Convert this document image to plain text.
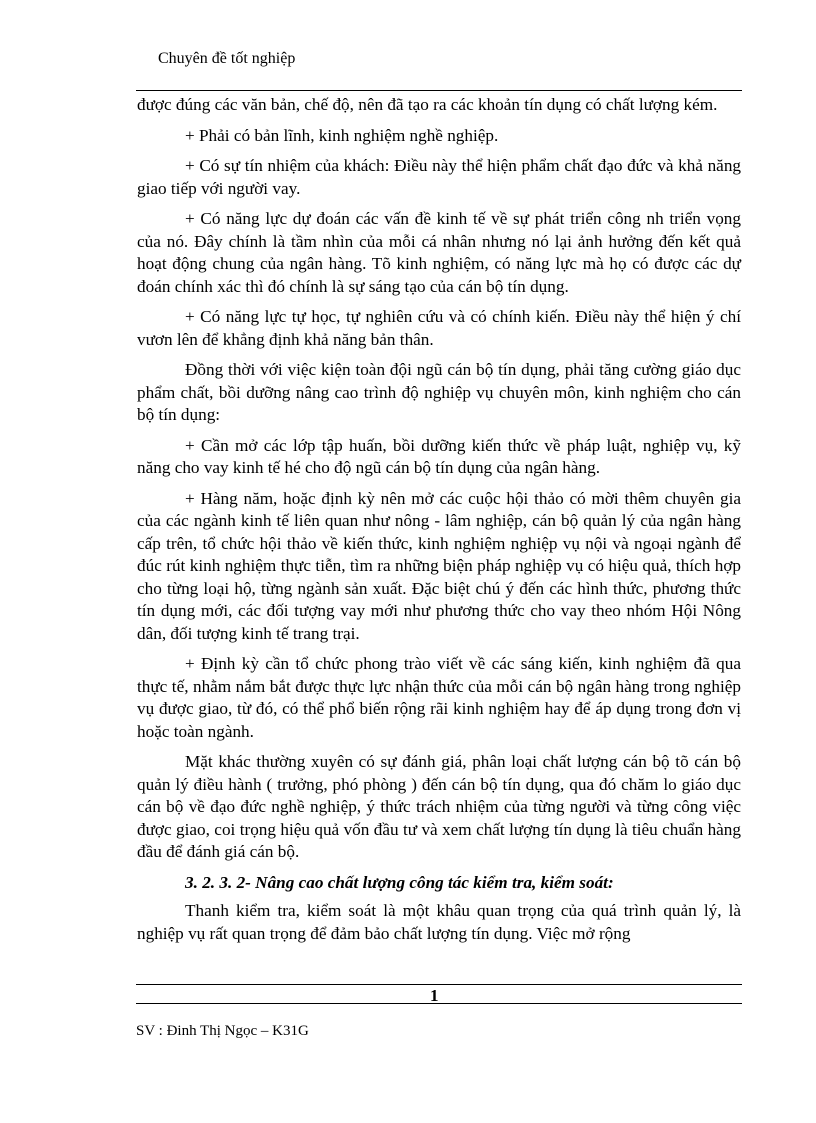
Chuyên đề tốt nghiệp

được đúng các văn bản, chế độ, nên đã tạo ra các khoản tín dụng có chất lượng kém.

+ Phải có bản lĩnh, kinh nghiệm nghề nghiệp.

+ Có sự tín nhiệm của khách: Điều này thể hiện phẩm chất đạo đức và khả năng giao tiếp với người vay.

+ Có năng lực dự đoán các vấn đề kinh tế về sự phát triển công nh triển vọng của nó. Đây chính là tầm nhìn của mỗi cá nhân nhưng nó lại ảnh hưởng đến kết quả hoạt động chung của ngân hàng. Tõ kinh nghiệm, có năng lực mà họ có được các dự đoán chính xác thì đó chính là sự sáng tạo của cán bộ tín dụng.

+ Có năng lực tự học, tự nghiên cứu và có chính kiến. Điều này thể hiện ý chí vươn lên để khẳng định khả năng bản thân.

Đồng thời với việc kiện toàn đội ngũ cán bộ tín dụng, phải tăng cường giáo dục phẩm chất, bồi dưỡng nâng cao trình độ nghiệp vụ chuyên môn, kinh nghiệm cho cán bộ tín dụng:

+ Cần mở các lớp tập huấn, bồi dưỡng kiến thức về pháp luật, nghiệp vụ, kỹ năng cho vay kinh tế hé cho độ ngũ cán bộ tín dụng của ngân hàng.

+ Hàng năm, hoặc định kỳ nên mở các cuộc hội thảo có mời thêm chuyên gia của các ngành kinh tế liên quan như nông - lâm nghiệp, cán bộ quản lý của ngân hàng cấp trên, tổ chức hội thảo về kiến thức, kinh nghiệm nghiệp vụ nội và ngoại ngành để đúc rút kinh nghiệm thực tiễn, tìm ra những biện pháp nghiệp vụ có hiệu quả, thích hợp cho từng loại hộ, từng ngành sản xuất. Đặc biệt chú ý đến các hình thức, phương thức tín dụng mới, các đối tượng vay mới như phương thức cho vay theo nhóm Hội Nông dân, đối tượng kinh tế trang trại.

+ Định kỳ cần tổ chức phong trào viết về các sáng kiến, kinh nghiệm đã qua thực tế, nhằm nắm bắt được thực lực nhận thức của mỗi cán bộ ngân hàng trong nghiệp vụ được giao, từ đó, có thể phổ biến rộng rãi kinh nghiệm hay để áp dụng trong đơn vị hoặc toàn ngành.

Mặt khác thường xuyên có sự đánh giá, phân loại chất lượng cán bộ tõ cán bộ quản lý điều hành ( trưởng, phó phòng ) đến cán bộ tín dụng, qua đó chăm lo giáo dục cán bộ về đạo đức nghề nghiệp, ý thức trách nhiệm của từng người và từng công việc được giao, coi trọng hiệu quả vốn đầu tư và xem chất lượng tín dụng là tiêu chuẩn hàng đầu để đánh giá cán bộ.

3. 2. 3. 2- Nâng cao chất lượng công tác kiểm tra, kiểm soát:

Thanh kiểm tra, kiểm soát là một khâu quan trọng của quá trình quản lý, là nghiệp vụ rất quan trọng để đảm bảo chất lượng tín dụng. Việc mở rộng

1
SV : Đinh Thị Ngọc – K31G
